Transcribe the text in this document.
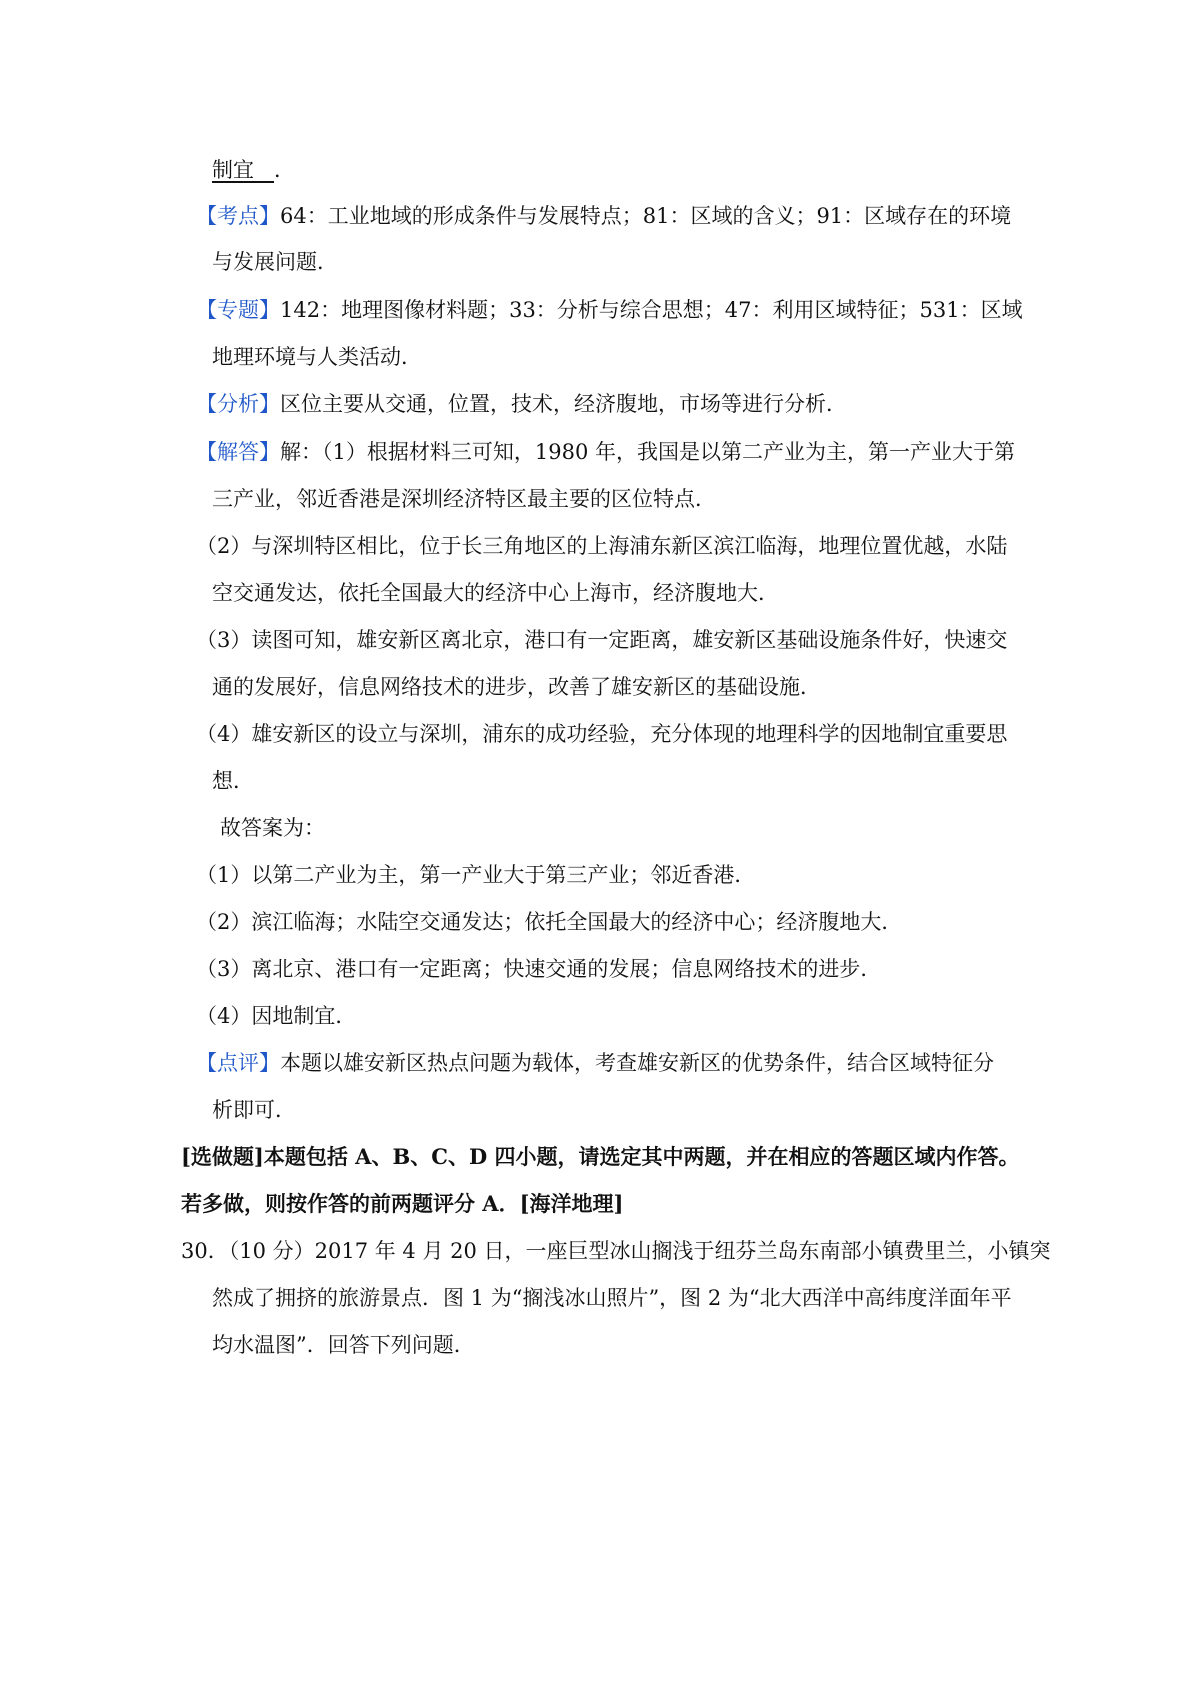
制宜 ．
【考点】64：工业地域的形成条件与发展特点；81：区域的含义；91：区域存在的环境
与发展问题．
【专题】142：地理图像材料题；33：分析与综合思想；47：利用区域特征；531：区域
地理环境与人类活动．
【分析】区位主要从交通，位置，技术，经济腹地，市场等进行分析．
【解答】解：（1）根据材料三可知，1980 年，我国是以第二产业为主，第一产业大于第
三产业，邻近香港是深圳经济特区最主要的区位特点．
（2）与深圳特区相比，位于长三角地区的上海浦东新区滨江临海，地理位置优越，水陆
空交通发达，依托全国最大的经济中心上海市，经济腹地大．
（3）读图可知，雄安新区离北京，港口有一定距离，雄安新区基础设施条件好，快速交
通的发展好，信息网络技术的进步，改善了雄安新区的基础设施．
（4）雄安新区的设立与深圳，浦东的成功经验，充分体现的地理科学的因地制宜重要思
想．
故答案为：
（1）以第二产业为主，第一产业大于第三产业；邻近香港．
（2）滨江临海；水陆空交通发达；依托全国最大的经济中心；经济腹地大．
（3）离北京、港口有一定距离；快速交通的发展；信息网络技术的进步．
（4）因地制宜．
【点评】本题以雄安新区热点问题为载体，考查雄安新区的优势条件，结合区域特征分
析即可．
[选做题]本题包括 A、B、C、D 四小题，请选定其中两题，并在相应的答题区域内作答。
若多做，则按作答的前两题评分 A．[海洋地理]
30．（10 分）2017 年 4 月 20 日，一座巨型冰山搁浅于纽芬兰岛东南部小镇费里兰，小镇突
然成了拥挤的旅游景点．图 1 为“搁浅冰山照片”，图 2 为“北大西洋中高纬度洋面年平
均水温图”．回答下列问题．
